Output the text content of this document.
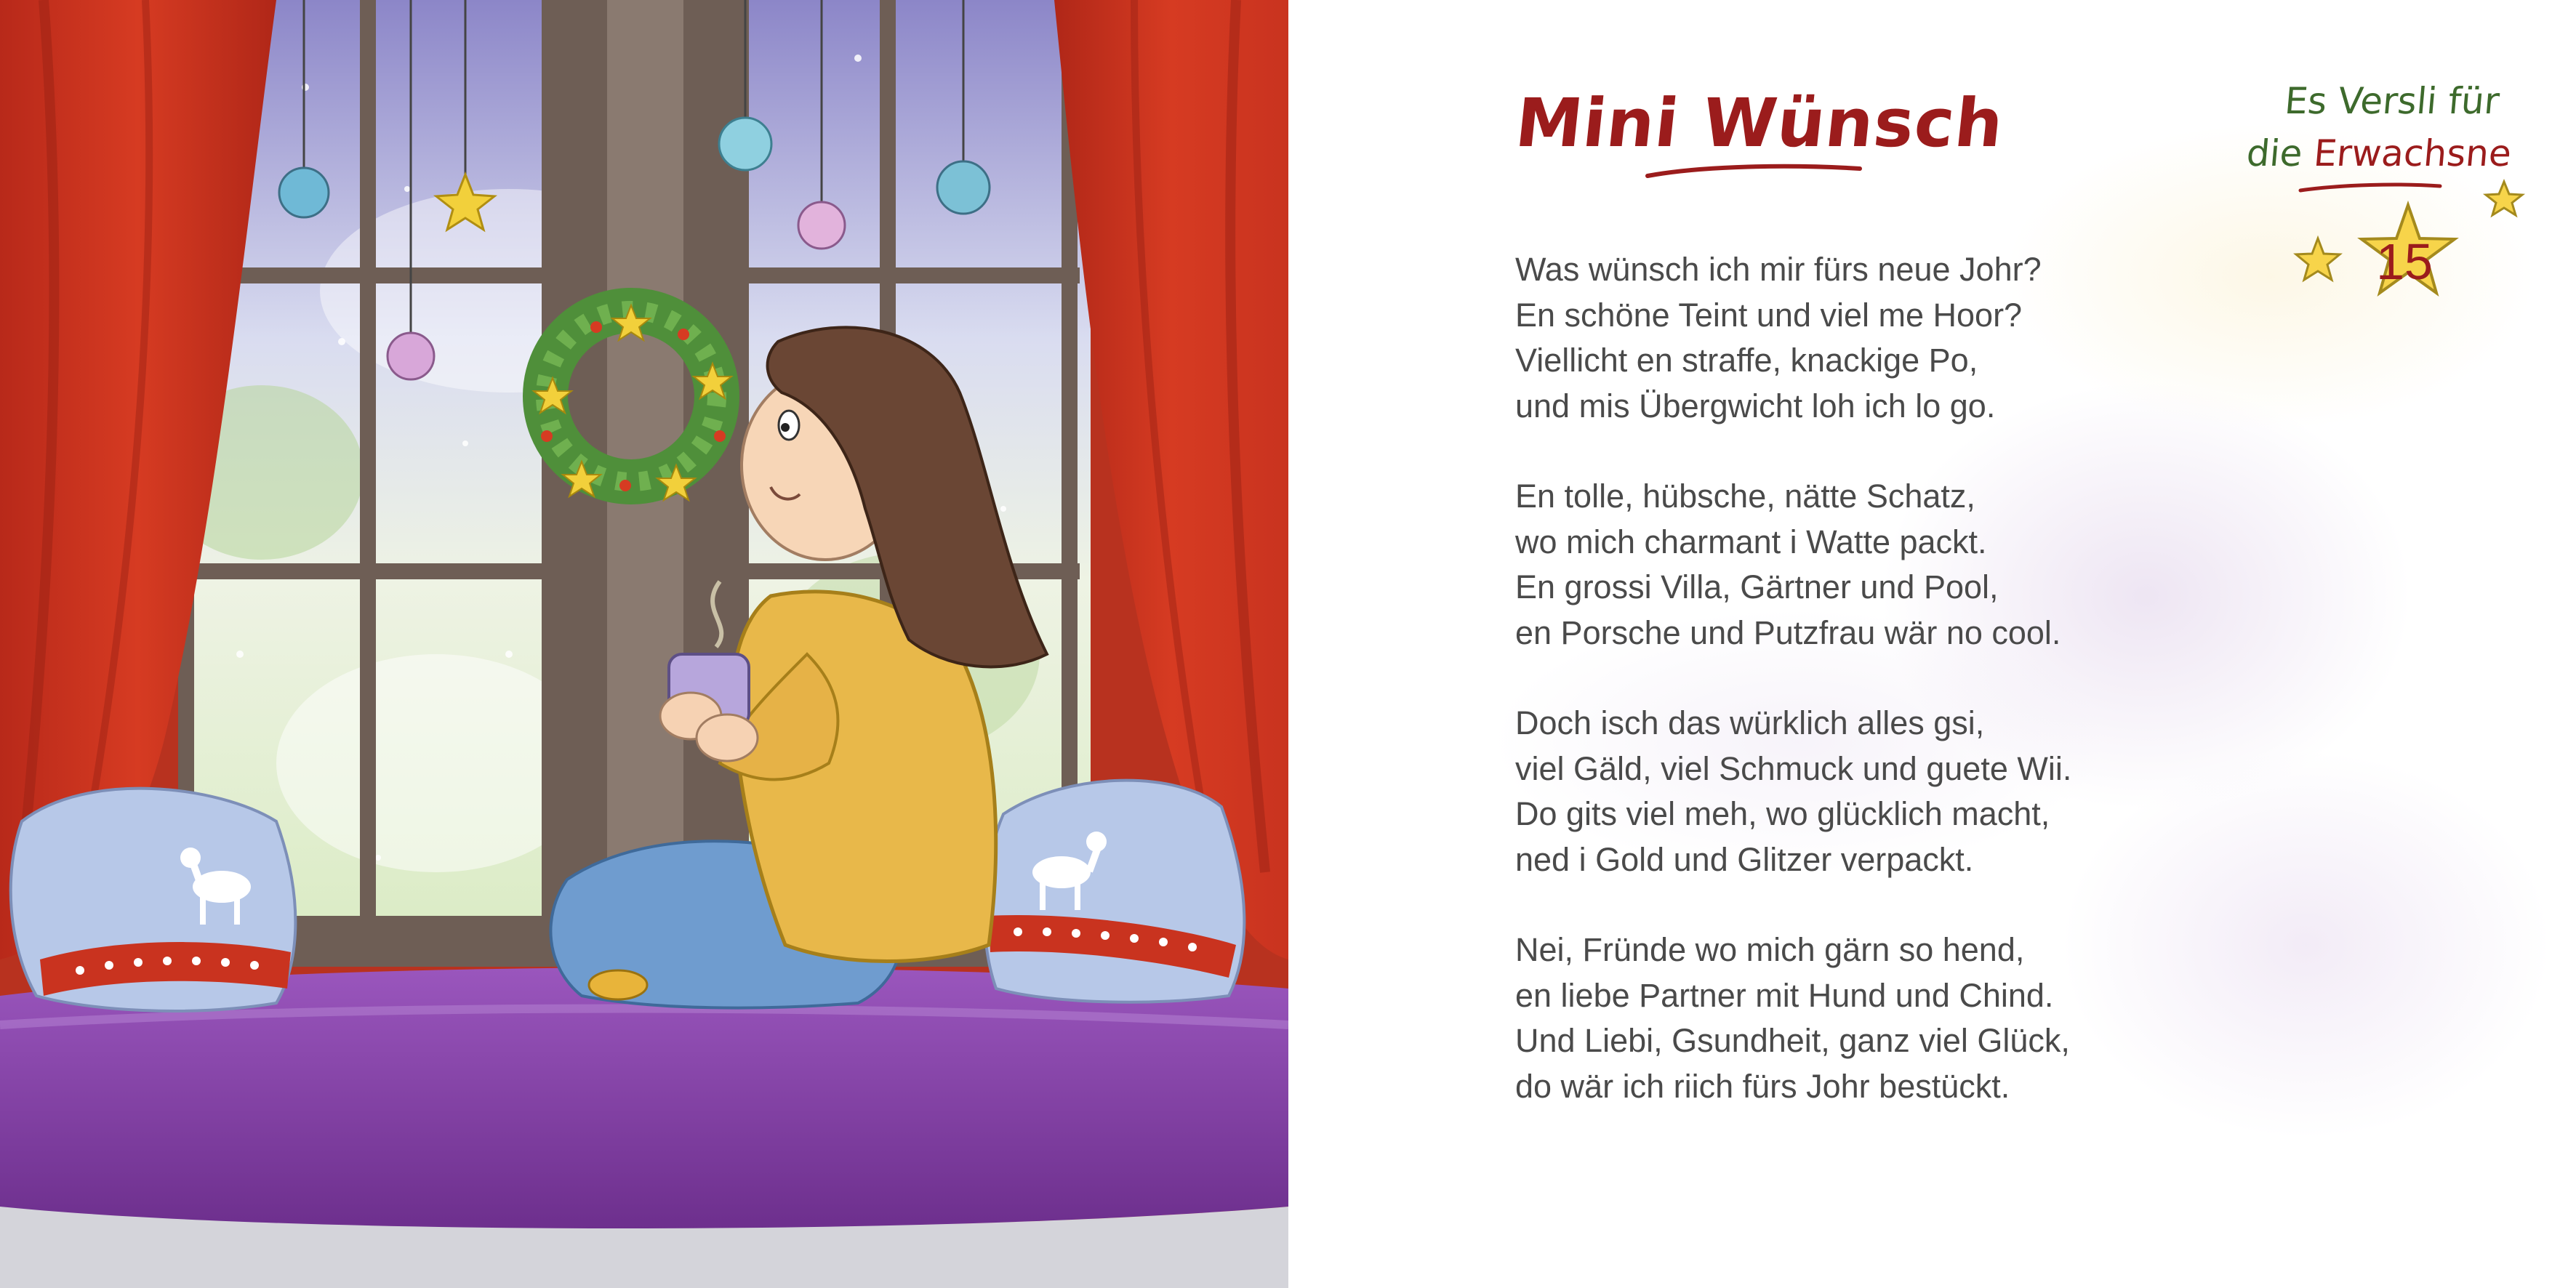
Mini Wünsch	Es Versli für
die Erwachsne
15
Was wünsch ich mir fürs neue Johr?
En schöne Teint und viel me Hoor?
Viellicht en straffe, knackige Po,
und mis Übergwicht loh ich lo go.
En tolle, hübsche, nätte Schatz,
wo mich charmant i Watte packt.
En grossi Villa, Gärtner und Pool,
en Porsche und Putzfrau wär no cool.
Doch isch das würklich alles gsi,
viel Gäld, viel Schmuck und guete Wii.
Do gits viel meh, wo glücklich macht,
ned i Gold und Glitzer verpackt.
Nei, Fründe wo mich gärn so hend,
en liebe Partner mit Hund und Chind.
Und Liebi, Gsundheit, ganz viel Glück,
do wär ich riich fürs Johr bestückt.
